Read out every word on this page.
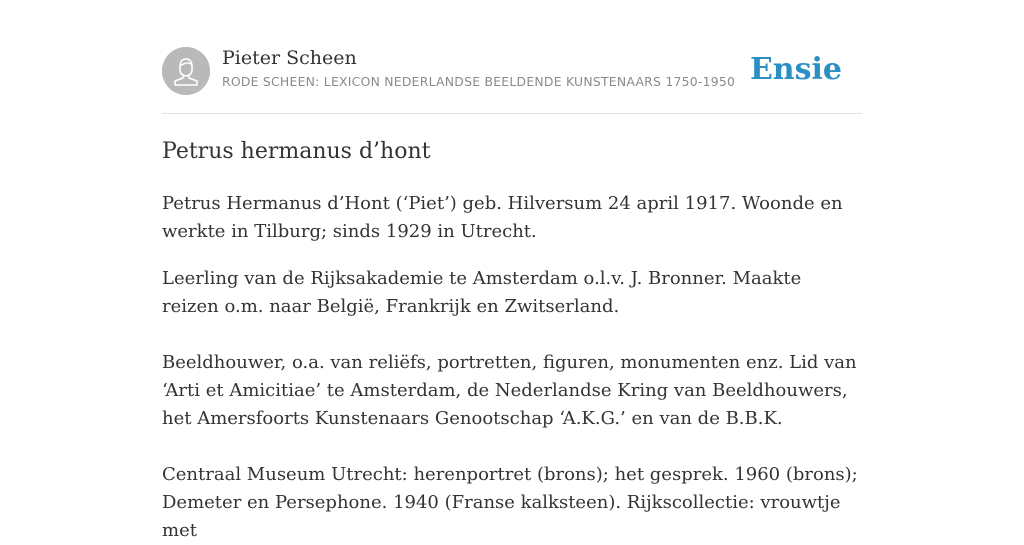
Pieter Scheen
RODE SCHEEN: LEXICON NEDERLANDSE BEELDENDE KUNSTENAARS 1750-1950 Ensie
Petrus hermanus d’hont

Petrus Hermanus d’Hont (‘Piet’) geb. Hilversum 24 april 1917. Woonde en werkte in Tilburg; sinds 1929 in Utrecht.

Leerling van de Rijksakademie te Amsterdam o.l.v. J. Bronner. Maakte reizen o.m. naar België, Frankrijk en Zwitserland.

Beeldhouwer, o.a. van reliëfs, portretten, figuren, monumenten enz. Lid van ‘Arti et Amicitiae’ te Amsterdam, de Nederlandse Kring van Beeldhouwers, het Amersfoorts Kunstenaars Genootschap ‘A.K.G.’ en van de B.B.K.

Centraal Museum Utrecht: herenportret (brons); het gesprek. 1960 (brons); Demeter en Persephone. 1940 (Franse kalksteen). Rijkscollectie: vrouwtje met
